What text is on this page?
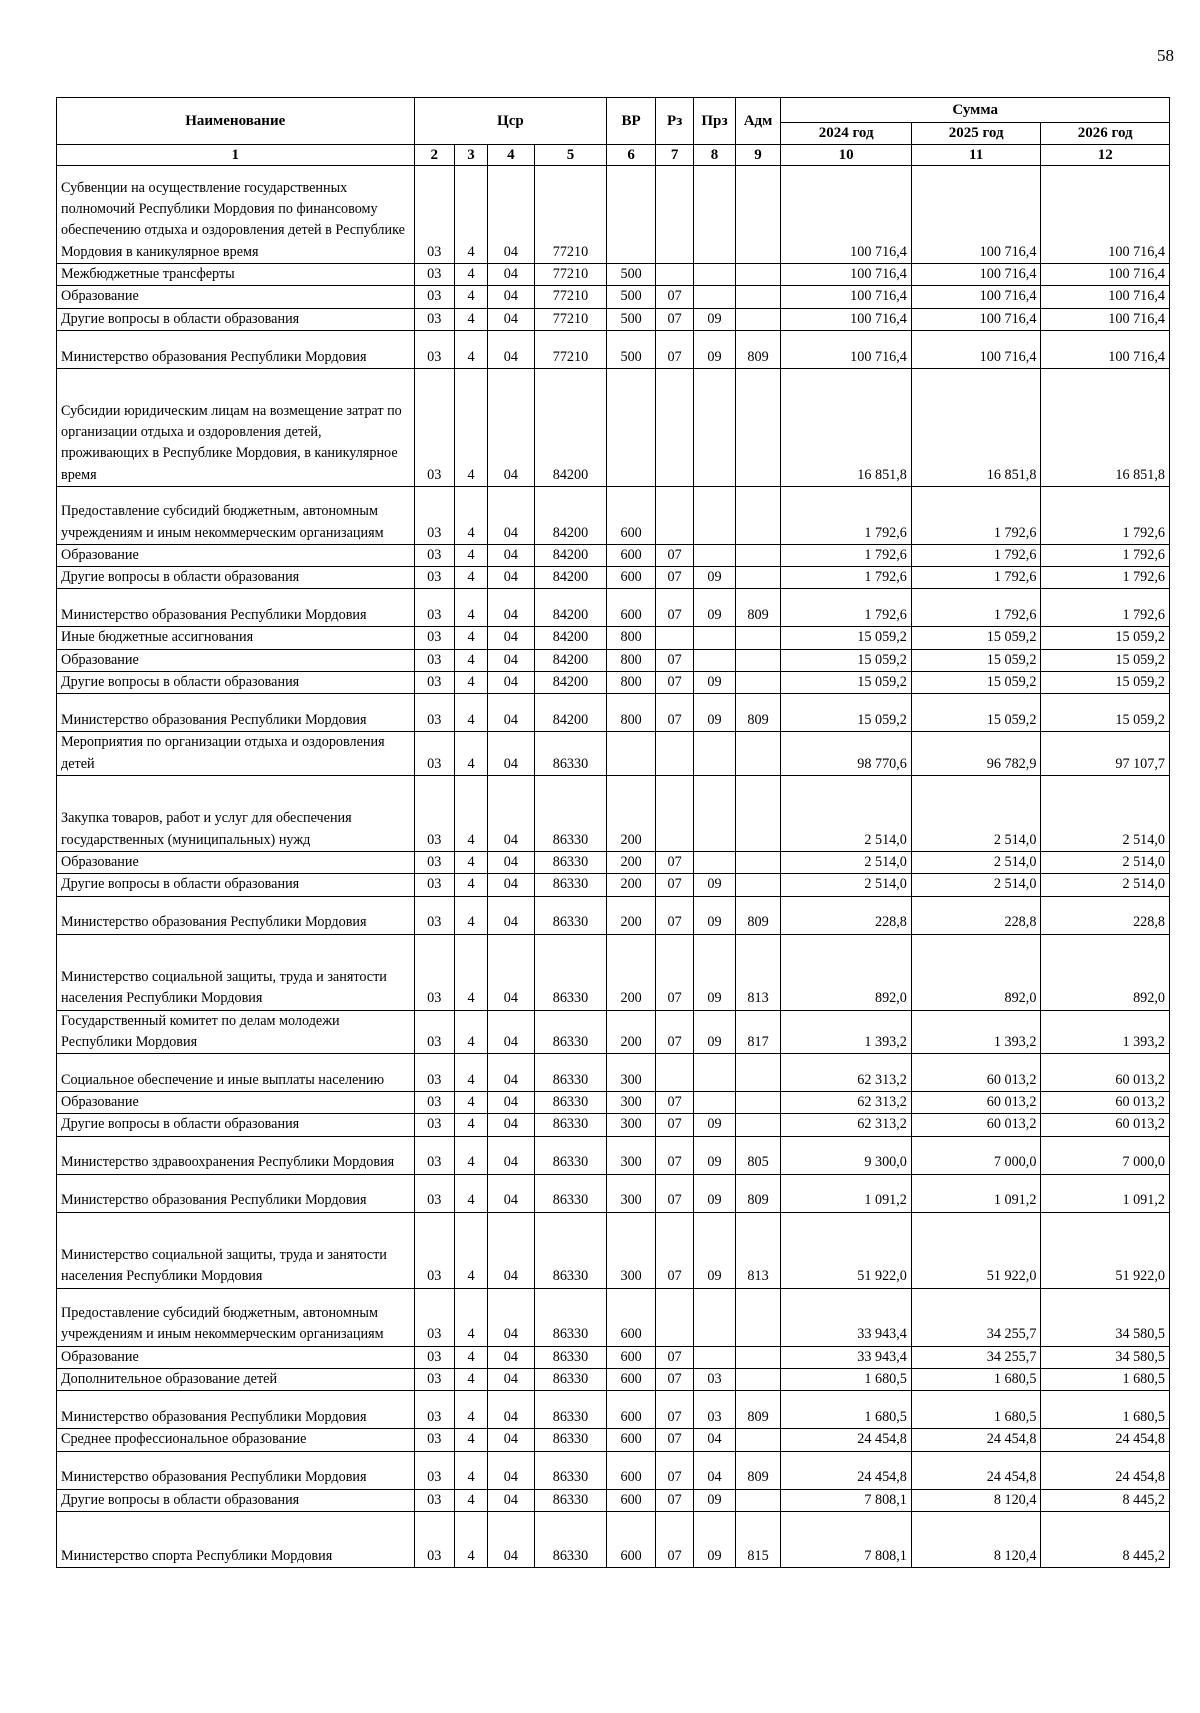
58
Наименование	Цср				ВР	Рз	Прз	Адм	Сумма		
									2024 год	2025 год	2026 год
1	2	3	4	5	6	7	8	9	10	11	12
Субвенции на осуществление государственных полномочий Республики Мордовия по финансовому обеспечению отдыха и оздоровления детей в Республике Мордовия в каникулярное время	03	4	04	77210					100 716,4	100 716,4	100 716,4
Межбюджетные трансферты	03	4	04	77210	500				100 716,4	100 716,4	100 716,4
Образование	03	4	04	77210	500	07			100 716,4	100 716,4	100 716,4
Другие вопросы в области образования	03	4	04	77210	500	07	09		100 716,4	100 716,4	100 716,4
Министерство образования Республики Мордовия	03	4	04	77210	500	07	09	809	100 716,4	100 716,4	100 716,4
Субсидии юридическим лицам на возмещение затрат по организации отдыха и оздоровления детей, проживающих в Республике Мордовия, в каникулярное время	03	4	04	84200					16 851,8	16 851,8	16 851,8
Предоставление субсидий бюджетным, автономным учреждениям и иным некоммерческим организациям	03	4	04	84200	600				1 792,6	1 792,6	1 792,6
Образование	03	4	04	84200	600	07			1 792,6	1 792,6	1 792,6
Другие вопросы в области образования	03	4	04	84200	600	07	09		1 792,6	1 792,6	1 792,6
Министерство образования Республики Мордовия	03	4	04	84200	600	07	09	809	1 792,6	1 792,6	1 792,6
Иные бюджетные ассигнования	03	4	04	84200	800				15 059,2	15 059,2	15 059,2
Образование	03	4	04	84200	800	07			15 059,2	15 059,2	15 059,2
Другие вопросы в области образования	03	4	04	84200	800	07	09		15 059,2	15 059,2	15 059,2
Министерство образования Республики Мордовия	03	4	04	84200	800	07	09	809	15 059,2	15 059,2	15 059,2
Мероприятия по организации отдыха и оздоровления детей	03	4	04	86330					98 770,6	96 782,9	97 107,7
Закупка товаров, работ и услуг для обеспечения государственных (муниципальных) нужд	03	4	04	86330	200				2 514,0	2 514,0	2 514,0
Образование	03	4	04	86330	200	07			2 514,0	2 514,0	2 514,0
Другие вопросы в области образования	03	4	04	86330	200	07	09		2 514,0	2 514,0	2 514,0
Министерство образования Республики Мордовия	03	4	04	86330	200	07	09	809	228,8	228,8	228,8
Министерство социальной защиты, труда и занятости населения Республики Мордовия	03	4	04	86330	200	07	09	813	892,0	892,0	892,0
Государственный комитет по делам молодежи Республики Мордовия	03	4	04	86330	200	07	09	817	1 393,2	1 393,2	1 393,2
Социальное обеспечение и иные выплаты населению	03	4	04	86330	300				62 313,2	60 013,2	60 013,2
Образование	03	4	04	86330	300	07			62 313,2	60 013,2	60 013,2
Другие вопросы в области образования	03	4	04	86330	300	07	09		62 313,2	60 013,2	60 013,2
Министерство здравоохранения Республики Мордовия	03	4	04	86330	300	07	09	805	9 300,0	7 000,0	7 000,0
Министерство образования Республики Мордовия	03	4	04	86330	300	07	09	809	1 091,2	1 091,2	1 091,2
Министерство социальной защиты, труда и занятости населения Республики Мордовия	03	4	04	86330	300	07	09	813	51 922,0	51 922,0	51 922,0
Предоставление субсидий бюджетным, автономным учреждениям и иным некоммерческим организациям	03	4	04	86330	600				33 943,4	34 255,7	34 580,5
Образование	03	4	04	86330	600	07			33 943,4	34 255,7	34 580,5
Дополнительное образование детей	03	4	04	86330	600	07	03		1 680,5	1 680,5	1 680,5
Министерство образования Республики Мордовия	03	4	04	86330	600	07	03	809	1 680,5	1 680,5	1 680,5
Среднее профессиональное образование	03	4	04	86330	600	07	04		24 454,8	24 454,8	24 454,8
Министерство образования Республики Мордовия	03	4	04	86330	600	07	04	809	24 454,8	24 454,8	24 454,8
Другие вопросы в области образования	03	4	04	86330	600	07	09		7 808,1	8 120,4	8 445,2
Министерство спорта Республики Мордовия	03	4	04	86330	600	07	09	815	7 808,1	8 120,4	8 445,2
